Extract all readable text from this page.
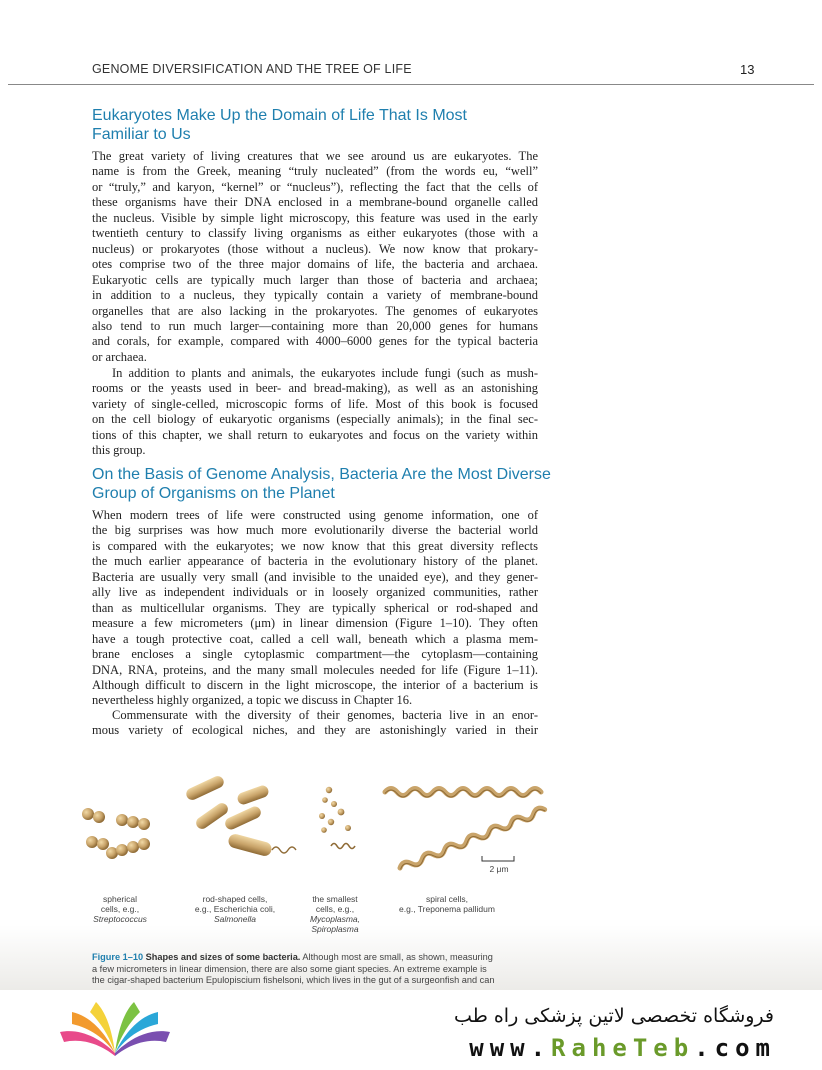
GENOME DIVERSIFICATION AND THE TREE OF LIFE	13
Eukaryotes Make Up the Domain of Life That Is Most
Familiar to Us
The great variety of living creatures that we see around us are eukaryotes. The
name is from the Greek, meaning “truly nucleated” (from the words eu, “well”
or “truly,” and karyon, “kernel” or “nucleus”), reflecting the fact that the cells of
these organisms have their DNA enclosed in a membrane-bound organelle called
the nucleus. Visible by simple light microscopy, this feature was used in the early
twentieth century to classify living organisms as either eukaryotes (those with a
nucleus) or prokaryotes (those without a nucleus). We now know that prokary-
otes comprise two of the three major domains of life, the bacteria and archaea.
Eukaryotic cells are typically much larger than those of bacteria and archaea;
in addition to a nucleus, they typically contain a variety of membrane-bound
organelles that are also lacking in the prokaryotes. The genomes of eukaryotes
also tend to run much larger—containing more than 20,000 genes for humans
and corals, for example, compared with 4000–6000 genes for the typical bacteria
or archaea.
In addition to plants and animals, the eukaryotes include fungi (such as mush-
rooms or the yeasts used in beer- and bread-making), as well as an astonishing
variety of single-celled, microscopic forms of life. Most of this book is focused
on the cell biology of eukaryotic organisms (especially animals); in the final sec-
tions of this chapter, we shall return to eukaryotes and focus on the variety within
this group.
On the Basis of Genome Analysis, Bacteria Are the Most Diverse
Group of Organisms on the Planet
When modern trees of life were constructed using genome information, one of
the big surprises was how much more evolutionarily diverse the bacterial world
is compared with the eukaryotes; we now know that this great diversity reflects
the much earlier appearance of bacteria in the evolutionary history of the planet.
Bacteria are usually very small (and invisible to the unaided eye), and they gener-
ally live as independent individuals or in loosely organized communities, rather
than as multicellular organisms. They are typically spherical or rod-shaped and
measure a few micrometers (μm) in linear dimension (Figure 1–10). They often
have a tough protective coat, called a cell wall, beneath which a plasma mem-
brane encloses a single cytoplasmic compartment—the cytoplasm—containing
DNA, RNA, proteins, and the many small molecules needed for life (Figure 1–11).
Although difficult to discern in the light microscope, the interior of a bacterium is
nevertheless highly organized, a topic we discuss in Chapter 16.
Commensurate with the diversity of their genomes, bacteria live in an enor-
mous variety of ecological niches, and they are astonishingly varied in their
2 μm
spherical
cells, e.g.,
Streptococcus
rod-shaped cells,
e.g., Escherichia coli,
Salmonella
the smallest
cells, e.g.,
Mycoplasma,
Spiroplasma
spiral cells,
e.g., Treponema pallidum

Figure 1–10 Shapes and sizes of some bacteria. Although most are small, as shown, measuring
a few micrometers in linear dimension, there are also some giant species. An extreme example is
the cigar-shaped bacterium Epulopiscium fishelsoni, which lives in the gut of a surgeonfish and can

فروشگاه تخصصی لاتین پزشکی راه طب
www.RaheTeb.com
